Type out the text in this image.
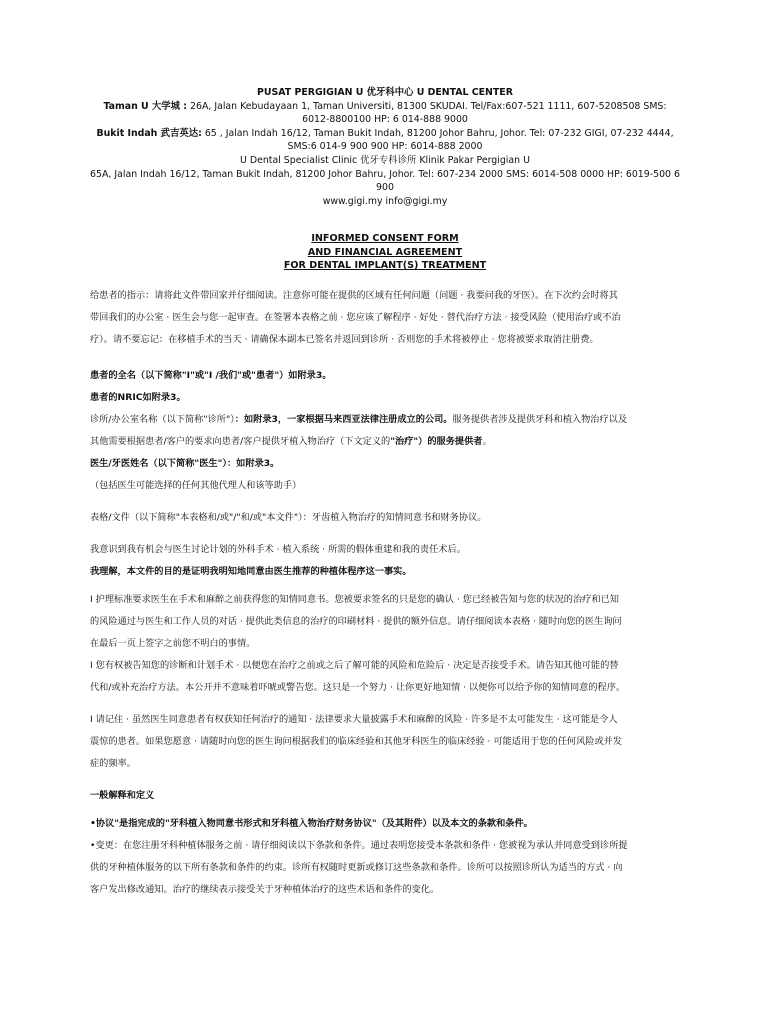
PUSAT PERGIGIAN U 优牙科中心 U DENTAL CENTER
Taman U 大学城 : 26A, Jalan Kebudayaan 1, Taman Universiti, 81300 SKUDAI. Tel/Fax:607-521 1111, 607-5208508 SMS:
6012-8800100 HP: 6 014-888 9000
Bukit Indah 武吉英达: 65 , Jalan Indah 16/12, Taman Bukit Indah, 81200 Johor Bahru, Johor. Tel: 07-232 GIGI, 07-232 4444,
SMS:6 014-9 900 900 HP: 6014-888 2000
U Dental Specialist Clinic 优牙专科诊所 Klinik Pakar Pergigian U
65A, Jalan Indah 16/12, Taman Bukit Indah, 81200 Johor Bahru, Johor. Tel: 607-234 2000 SMS: 6014-508 0000 HP: 6019-500 6
900
www.gigi.my info@gigi.my
INFORMED CONSENT FORM
AND FINANCIAL AGREEMENT
FOR DENTAL IMPLANT(S) TREATMENT

给患者的指示：请将此文件带回家并仔细阅读。注意你可能在提供的区域有任何问题（问题 · 我要问我的牙医）。在下次约会时将其

带回我们的办公室 · 医生会与您一起审查。在签署本表格之前 · 您应该了解程序 · 好处 · 替代治疗方法 · 接受风险（使用治疗或不治

疗）。请不要忘记：在移植手术的当天 · 请确保本副本已签名并返回到诊所 · 否则您的手术将被停止 · 您将被要求取消注册费。

患者的全名（以下简称"I"或"I /我们"或"患者"）如附录3。

患者的NRIC如附录3。

诊所/办公室名称（以下简称"诊所"）：如附录3，一家根据马来西亚法律注册成立的公司。服务提供者涉及提供牙科和植入物治疗以及

其他需要根据患者/客户的要求向患者/客户提供牙植入物治疗（下文定义的"治疗"）的服务提供者。

医生/牙医姓名（以下简称"医生"）：如附录3。

（包括医生可能选择的任何其他代理人和该等助手）

表格/文件（以下简称"本表格和/或"/"和/或"本文件"）：牙齿植入物治疗的知情同意书和财务协议。

我意识到我有机会与医生讨论计划的外科手术 · 植入系统 · 所需的假体重建和我的责任术后。

我理解，本文件的目的是证明我明知地同意由医生推荐的种植体程序这一事实。

I 护理标准要求医生在手术和麻醉之前获得您的知情同意书。您被要求签名的只是您的确认 · 您已经被告知与您的状况的治疗和已知

的风险通过与医生和工作人员的对话 · 提供此类信息的治疗的印刷材料 · 提供的额外信息。请仔细阅读本表格 · 随时向您的医生询问

在最后一页上签字之前您不明白的事情。

I 您有权被告知您的诊断和计划手术 · 以便您在治疗之前或之后了解可能的风险和危险后 · 决定是否接受手术。请告知其他可能的替

代和/或补充治疗方法。本公开并不意味着吓唬或警告您。这只是一个努力 · 让你更好地知情 · 以便你可以给予你的知情同意的程序。

I 请记住 · 虽然医生同意患者有权获知任何治疗的通知 · 法律要求大量披露手术和麻醉的风险 · 许多是不太可能发生 · 这可能是令人

震惊的患者。如果您愿意 · 请随时向您的医生询问根据我们的临床经验和其他牙科医生的临床经验 · 可能适用于您的任何风险或并发

症的频率。

一般解释和定义

•协议"是指完成的"牙科植入物同意书形式和牙科植入物治疗财务协议"（及其附件）以及本文的条款和条件。

•变更：在您注册牙科种植体服务之前 · 请仔细阅读以下条款和条件。通过表明您接受本条款和条件 · 您被视为承认并同意受到诊所提

供的牙种植体服务的以下所有条款和条件的约束。诊所有权随时更新或修订这些条款和条件。诊所可以按照诊所认为适当的方式 · 向

客户发出修改通知。治疗的继续表示接受关于牙种植体治疗的这些术语和条件的变化。
